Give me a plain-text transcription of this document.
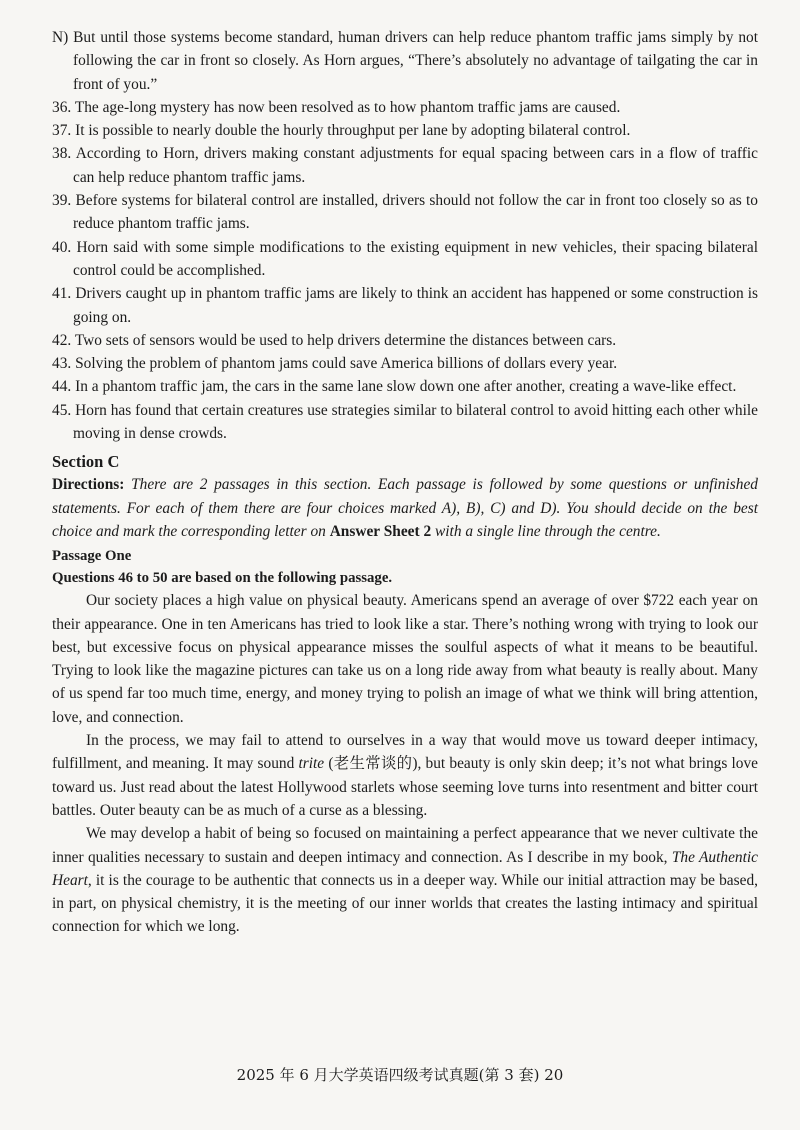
N) But until those systems become standard, human drivers can help reduce phantom traffic jams simply by not following the car in front so closely. As Horn argues, “There’s absolutely no advantage of tailgating the car in front of you.”
36. The age-long mystery has now been resolved as to how phantom traffic jams are caused.
37. It is possible to nearly double the hourly throughput per lane by adopting bilateral control.
38. According to Horn, drivers making constant adjustments for equal spacing between cars in a flow of traffic can help reduce phantom traffic jams.
39. Before systems for bilateral control are installed, drivers should not follow the car in front too closely so as to reduce phantom traffic jams.
40. Horn said with some simple modifications to the existing equipment in new vehicles, their spacing bilateral control could be accomplished.
41. Drivers caught up in phantom traffic jams are likely to think an accident has happened or some construction is going on.
42. Two sets of sensors would be used to help drivers determine the distances between cars.
43. Solving the problem of phantom jams could save America billions of dollars every year.
44. In a phantom traffic jam, the cars in the same lane slow down one after another, creating a wave-like effect.
45. Horn has found that certain creatures use strategies similar to bilateral control to avoid hitting each other while moving in dense crowds.
Section C
Directions: There are 2 passages in this section. Each passage is followed by some questions or unfinished statements. For each of them there are four choices marked A), B), C) and D). You should decide on the best choice and mark the corresponding letter on Answer Sheet 2 with a single line through the centre.
Passage One
Questions 46 to 50 are based on the following passage.

Our society places a high value on physical beauty. Americans spend an average of over $722 each year on their appearance. One in ten Americans has tried to look like a star. There’s nothing wrong with trying to look our best, but excessive focus on physical appearance misses the soulful aspects of what it means to be beautiful. Trying to look like the magazine pictures can take us on a long ride away from what beauty is really about. Many of us spend far too much time, energy, and money trying to polish an image of what we think will bring attention, love, and connection.

In the process, we may fail to attend to ourselves in a way that would move us toward deeper intimacy, fulfillment, and meaning. It may sound trite (老生常谈的), but beauty is only skin deep; it’s not what brings love toward us. Just read about the latest Hollywood starlets whose seeming love turns into resentment and bitter court battles. Outer beauty can be as much of a curse as a blessing.

We may develop a habit of being so focused on maintaining a perfect appearance that we never cultivate the inner qualities necessary to sustain and deepen intimacy and connection. As I describe in my book, The Authentic Heart, it is the courage to be authentic that connects us in a deeper way. While our initial attraction may be based, in part, on physical chemistry, it is the meeting of our inner worlds that creates the lasting intimacy and spiritual connection for which we long.

2025 年 6 月大学英语四级考试真题(第 3 套) 20
